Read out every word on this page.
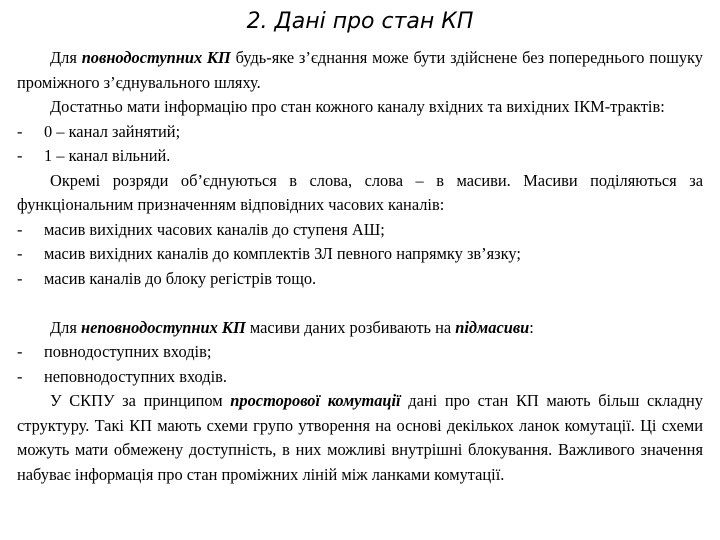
2. Дані про стан КП

Для повнодоступних КП будь-яке з’єднання може бути здійснене без попереднього пошуку проміжного з’єднувального шляху.

Достатньо мати інформацію про стан кожного каналу вхідних та вихідних ІКМ-трактів:

- 0 – канал зайнятий;
- 1 – канал вільний.

Окремі розряди об’єднуються в слова, слова – в масиви. Масиви поділяються за функціональним призначенням відповідних часових каналів:

- масив вихідних часових каналів до ступеня АШ;
- масив вихідних каналів до комплектів ЗЛ певного напрямку зв’язку;
- масив каналів до блоку регістрів тощо.

Для неповнодоступних КП масиви даних розбивають на підмасиви:

- повнодоступних входів;
- неповнодоступних входів.

У СКПУ за принципом просторової комутації дані про стан КП мають більш складну структуру. Такі КП мають схеми групо утворення на основі декількох ланок комутації. Ці схеми можуть мати обмежену доступність, в них можливі внутрішні блокування. Важливого значення набуває інформація про стан проміжних ліній між ланками комутації.
